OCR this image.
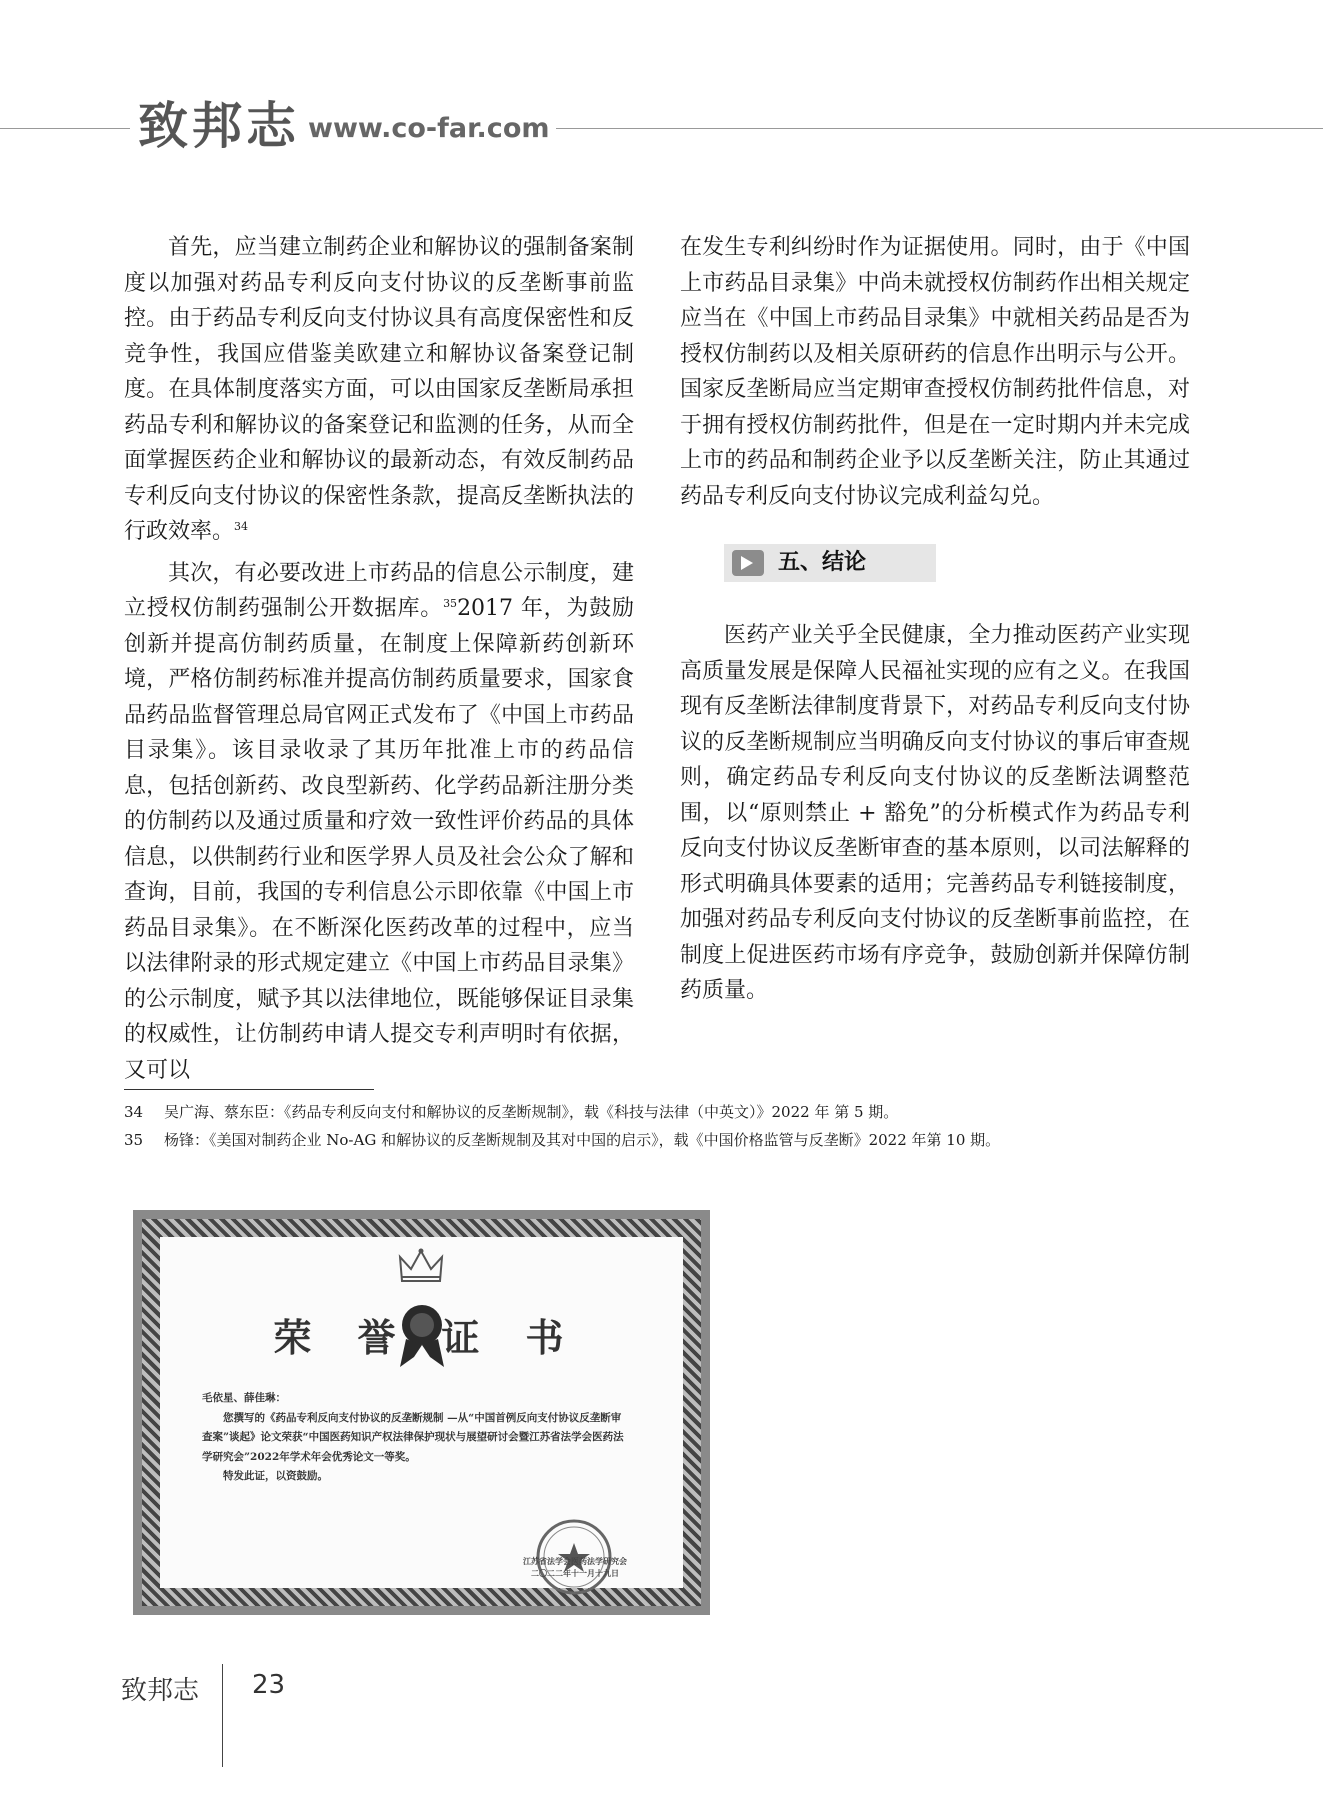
致邦志 www.co-far.com

首先，应当建立制药企业和解协议的强制备案制度以加强对药品专利反向支付协议的反垄断事前监控。由于药品专利反向支付协议具有高度保密性和反竞争性，我国应借鉴美欧建立和解协议备案登记制度。在具体制度落实方面，可以由国家反垄断局承担药品专利和解协议的备案登记和监测的任务，从而全面掌握医药企业和解协议的最新动态，有效反制药品专利反向支付协议的保密性条款，提高反垄断执法的行政效率。$^{34}$

其次，有必要改进上市药品的信息公示制度，建立授权仿制药强制公开数据库。$^{35}$2017 年，为鼓励创新并提高仿制药质量，在制度上保障新药创新环境，严格仿制药标准并提高仿制药质量要求，国家食品药品监督管理总局官网正式发布了《中国上市药品目录集》。该目录收录了其历年批准上市的药品信息，包括创新药、改良型新药、化学药品新注册分类的仿制药以及通过质量和疗效一致性评价药品的具体信息，以供制药行业和医学界人员及社会公众了解和查询，目前，我国的专利信息公示即依靠《中国上市药品目录集》。在不断深化医药改革的过程中，应当以法律附录的形式规定建立《中国上市药品目录集》的公示制度，赋予其以法律地位，既能够保证目录集的权威性，让仿制药申请人提交专利声明时有依据，又可以

在发生专利纠纷时作为证据使用。同时，由于《中国上市药品目录集》中尚未就授权仿制药作出相关规定应当在《中国上市药品目录集》中就相关药品是否为授权仿制药以及相关原研药的信息作出明示与公开。国家反垄断局应当定期审查授权仿制药批件信息，对于拥有授权仿制药批件，但是在一定时期内并未完成上市的药品和制药企业予以反垄断关注，防止其通过药品专利反向支付协议完成利益勾兑。

五、结论

医药产业关乎全民健康，全力推动医药产业实现高质量发展是保障人民福祉实现的应有之义。在我国现有反垄断法律制度背景下，对药品专利反向支付协议的反垄断规制应当明确反向支付协议的事后审查规则，确定药品专利反向支付协议的反垄断法调整范围，以“原则禁止 + 豁免”的分析模式作为药品专利反向支付协议反垄断审查的基本原则，以司法解释的形式明确具体要素的适用；完善药品专利链接制度，加强对药品专利反向支付协议的反垄断事前监控，在制度上促进医药市场有序竞争，鼓励创新并保障仿制药质量。

34	吴广海、蔡东臣：《药品专利反向支付和解协议的反垄断规制》，载《科技与法律（中英文）》2022 年 第 5 期。
35	杨锋：《美国对制药企业 No-AG 和解协议的反垄断规制及其对中国的启示》，载《中国价格监管与反垄断》2022 年第 10 期。
荣誉证书

毛依星、薛佳琳：

您撰写的《药品专利反向支付协议的反垄断规制 —从“中国首例反向支付协议反垄断审查案”谈起》论文荣获“中国医药知识产权法律保护现状与展望研讨会暨江苏省法学会医药法学研究会”2022年学术年会优秀论文一等奖。

特发此证，以资鼓励。

江苏省法学会医药法学研究会
二〇二二年十一月十九日
致邦志 23
